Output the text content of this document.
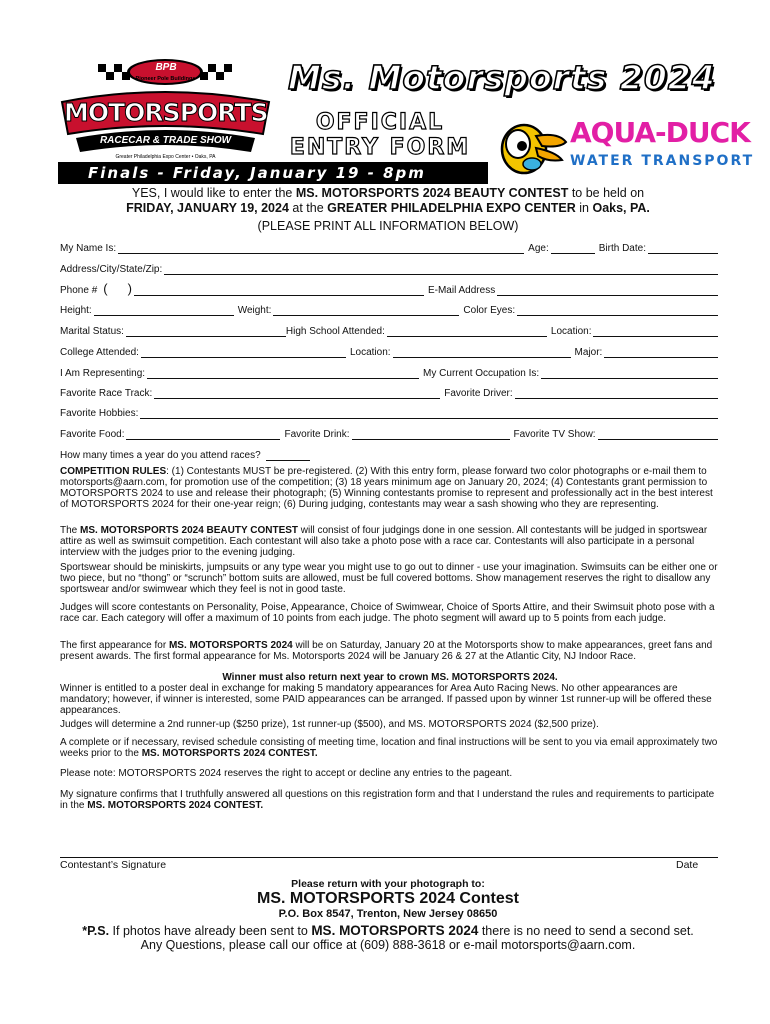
BPB
Pioneer Pole Buildings
MOTORSPORTS
RACECAR & TRADE SHOW
Greater Philadelphia Expo Center • Oaks, PA
Ms. Motorsports 2024
OFFICIAL
ENTRY FORM	AQUA-DUCK
WATER TRANSPORT
Finals - Friday, January 19 - 8pm
YES, I would like to enter the MS. MOTORSPORTS 2024 BEAUTY CONTEST to be held on
FRIDAY, JANUARY 19, 2024 at the GREATER PHILADELPHIA EXPO CENTER in Oaks, PA.
(PLEASE PRINT ALL INFORMATION BELOW)
My Name Is:	Age:	Birth Date:
Address/City/State/Zip:
Phone # ( )	E-Mail Address
Height:	Weight:	Color Eyes:
Marital Status:	High School Attended:	Location:
College Attended:	Location:	Major:
I Am Representing:	My Current Occupation Is:
Favorite Race Track:	Favorite Driver:
Favorite Hobbies:
Favorite Food:	Favorite Drink:	Favorite TV Show:
How many times a year do you attend races?
COMPETITION RULES: (1) Contestants MUST be pre-registered. (2) With this entry form, please forward two color photographs or e-mail them to motorsports@aarn.com, for promotion use of the competition; (3) 18 years minimum age on January 20, 2024; (4) Contestants grant permission to MOTORSPORTS 2024 to use and release their photograph; (5) Winning contestants promise to represent and professionally act in the best interest of MOTORSPORTS 2024 for their one-year reign; (6) During judging, contestants may wear a sash showing who they are representing.
The MS. MOTORSPORTS 2024 BEAUTY CONTEST will consist of four judgings done in one session. All contestants will be judged in sportswear attire as well as swimsuit competition. Each contestant will also take a photo pose with a race car. Contestants will also participate in a personal interview with the judges prior to the evening judging.
Sportswear should be miniskirts, jumpsuits or any type wear you might use to go out to dinner - use your imagination. Swimsuits can be either one or two piece, but no “thong” or “scrunch” bottom suits are allowed, must be full covered bottoms. Show management reserves the right to disallow any sportswear and/or swimwear which they feel is not in good taste.
Judges will score contestants on Personality, Poise, Appearance, Choice of Swimwear, Choice of Sports Attire, and their Swimsuit photo pose with a race car. Each category will offer a maximum of 10 points from each judge. The photo segment will award up to 5 points from each judge.
The first appearance for MS. MOTORSPORTS 2024 will be on Saturday, January 20 at the Motorsports show to make appearances, greet fans and present awards. The first formal appearance for Ms. Motorsports 2024 will be January 26 & 27 at the Atlantic City, NJ Indoor Race.
Winner must also return next year to crown MS. MOTORSPORTS 2024.
Winner is entitled to a poster deal in exchange for making 5 mandatory appearances for Area Auto Racing News. No other appearances are mandatory; however, if winner is interested, some PAID appearances can be arranged. If passed upon by winner 1st runner-up will be offered these appearances.
Judges will determine a 2nd runner-up ($250 prize), 1st runner-up ($500), and MS. MOTORSPORTS 2024 ($2,500 prize).
A complete or if necessary, revised schedule consisting of meeting time, location and final instructions will be sent to you via email approximately two weeks prior to the MS. MOTORSPORTS 2024 CONTEST.
Please note: MOTORSPORTS 2024 reserves the right to accept or decline any entries to the pageant.
My signature confirms that I truthfully answered all questions on this registration form and that I understand the rules and requirements to participate in the MS. MOTORSPORTS 2024 CONTEST.
Contestant’s Signature	Date
Please return with your photograph to:
MS. MOTORSPORTS 2024 Contest
P.O. Box 8547, Trenton, New Jersey 08650
*P.S. If photos have already been sent to MS. MOTORSPORTS 2024 there is no need to send a second set.
Any Questions, please call our office at (609) 888-3618 or e-mail motorsports@aarn.com.
